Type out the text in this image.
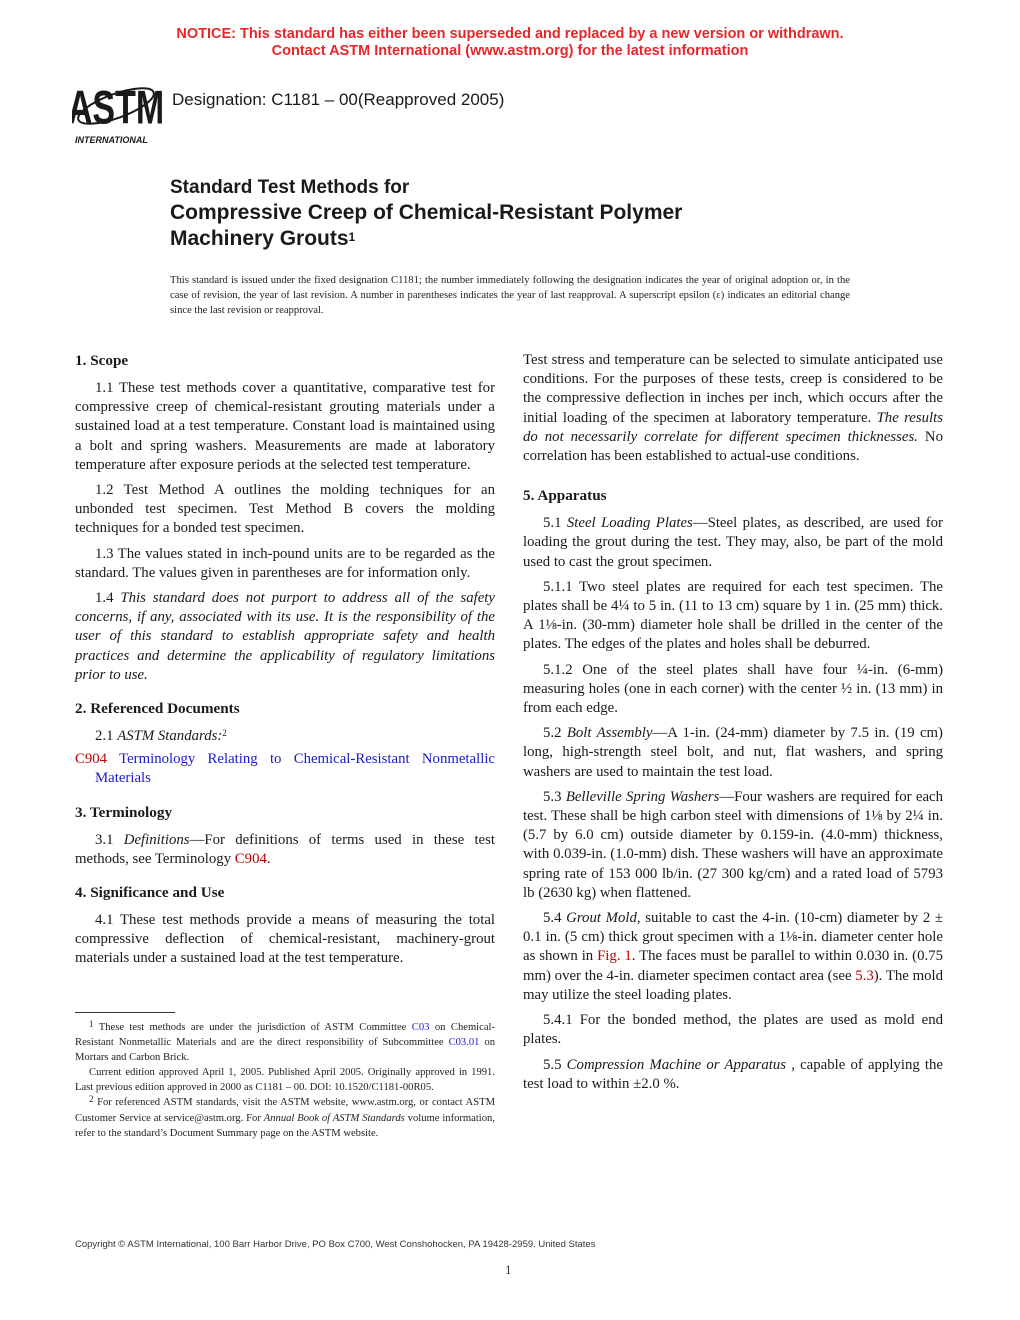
NOTICE: This standard has either been superseded and replaced by a new version or withdrawn.
Contact ASTM International (www.astm.org) for the latest information
ASTM
INTERNATIONAL
Designation: C1181 – 00(Reapproved 2005)
Standard Test Methods for
Compressive Creep of Chemical-Resistant Polymer
Machinery Grouts$^1$
This standard is issued under the fixed designation C1181; the number immediately following the designation indicates the year of original adoption or, in the case of revision, the year of last revision. A number in parentheses indicates the year of last reapproval. A superscript epsilon (ε) indicates an editorial change since the last revision or reapproval.
1. Scope

1.1 These test methods cover a quantitative, comparative test for compressive creep of chemical-resistant grouting materials under a sustained load at a test temperature. Constant load is maintained using a bolt and spring washers. Measurements are made at laboratory temperature after exposure periods at the selected test temperature.

1.2 Test Method A outlines the molding techniques for an unbonded test specimen. Test Method B covers the molding techniques for a bonded test specimen.

1.3 The values stated in inch-pound units are to be regarded as the standard. The values given in parentheses are for information only.

1.4 This standard does not purport to address all of the safety concerns, if any, associated with its use. It is the responsibility of the user of this standard to establish appropriate safety and health practices and determine the applicability of regulatory limitations prior to use.

2. Referenced Documents

2.1 ASTM Standards:$^2$

C904 Terminology Relating to Chemical-Resistant Nonmetallic Materials

3. Terminology

3.1 Definitions—For definitions of terms used in these test methods, see Terminology C904.

4. Significance and Use

4.1 These test methods provide a means of measuring the total compressive deflection of chemical-resistant, machinery-grout materials under a sustained load at the test temperature.

$^1$ These test methods are under the jurisdiction of ASTM Committee C03 on Chemical-Resistant Nonmetallic Materials and are the direct responsibility of Subcommittee C03.01 on Mortars and Carbon Brick.

Current edition approved April 1, 2005. Published April 2005. Originally approved in 1991. Last previous edition approved in 2000 as C1181 – 00. DOI: 10.1520/C1181-00R05.

$^2$ For referenced ASTM standards, visit the ASTM website, www.astm.org, or contact ASTM Customer Service at service@astm.org. For Annual Book of ASTM Standards volume information, refer to the standard’s Document Summary page on the ASTM website.

Test stress and temperature can be selected to simulate anticipated use conditions. For the purposes of these tests, creep is considered to be the compressive deflection in inches per inch, which occurs after the initial loading of the specimen at laboratory temperature. The results do not necessarily correlate for different specimen thicknesses. No correlation has been established to actual-use conditions.

5. Apparatus

5.1 Steel Loading Plates—Steel plates, as described, are used for loading the grout during the test. They may, also, be part of the mold used to cast the grout specimen.

5.1.1 Two steel plates are required for each test specimen. The plates shall be 4¼ to 5 in. (11 to 13 cm) square by 1 in. (25 mm) thick. A 1⅛-in. (30-mm) diameter hole shall be drilled in the center of the plates. The edges of the plates and holes shall be deburred.

5.1.2 One of the steel plates shall have four ¼-in. (6-mm) measuring holes (one in each corner) with the center ½ in. (13 mm) in from each edge.

5.2 Bolt Assembly—A 1-in. (24-mm) diameter by 7.5 in. (19 cm) long, high-strength steel bolt, and nut, flat washers, and spring washers are used to maintain the test load.

5.3 Belleville Spring Washers—Four washers are required for each test. These shall be high carbon steel with dimensions of 1⅛ by 2¼ in. (5.7 by 6.0 cm) outside diameter by 0.159-in. (4.0-mm) thickness, with 0.039-in. (1.0-mm) dish. These washers will have an approximate spring rate of 153 000 lb/in. (27 300 kg/cm) and a rated load of 5793 lb (2630 kg) when flattened.

5.4 Grout Mold, suitable to cast the 4-in. (10-cm) diameter by 2 ± 0.1 in. (5 cm) thick grout specimen with a 1⅛-in. diameter center hole as shown in Fig. 1. The faces must be parallel to within 0.030 in. (0.75 mm) over the 4-in. diameter specimen contact area (see 5.3). The mold may utilize the steel loading plates.

5.4.1 For the bonded method, the plates are used as mold end plates.

5.5 Compression Machine or Apparatus , capable of applying the test load to within ±2.0 %.

Copyright © ASTM International, 100 Barr Harbor Drive, PO Box C700, West Conshohocken, PA 19428-2959. United States
1
